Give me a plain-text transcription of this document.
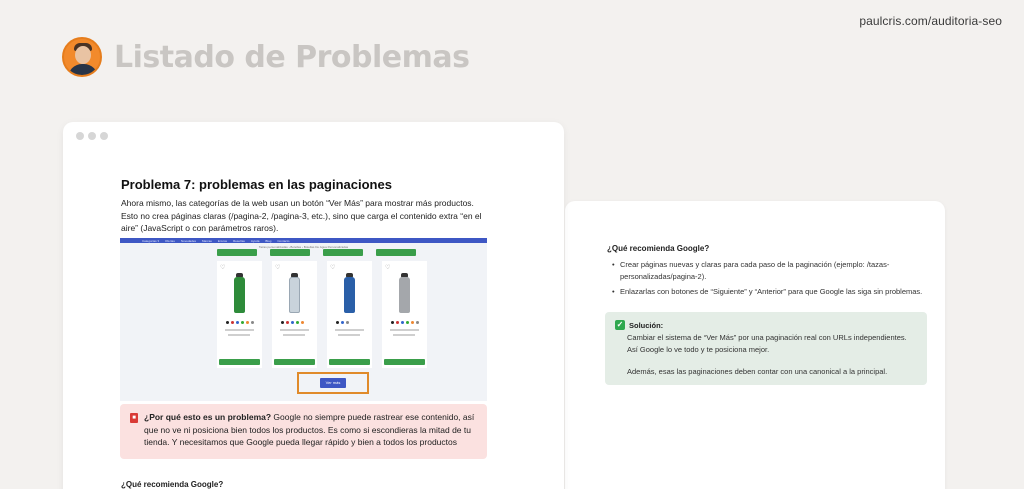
paulcris.com/auditoria-seo
Listado de Problemas
¿Qué recomienda Google?
• Crear páginas nuevas y claras para cada paso de la paginación (ejemplo: /tazas-personalizadas/pagina-2).
• Enlazarlas con botones de “Siguiente” y “Anterior” para que Google las siga sin problemas.
✓ Solución:
Cambiar el sistema de “Ver Más” por una paginación real con URLs independientes. Así Google lo ve todo y te posiciona mejor.
Además, esas las paginaciones deben contar con una canonical a la principal.
Problema 7: problemas en las paginaciones
Ahora mismo, las categorías de la web usan un botón “Ver Más” para mostrar más productos. Esto no crea páginas claras (/pagina-2, /pagina-3, etc.), sino que carga el contenido extra “en el aire” (JavaScript o con parámetros raros).
Categorías ▾ Ofertas Novedades Marcas Envíos Reseñas Ayuda Blog Contacto
Tazas personalizadas › Botellas › Botellas De Agua Personalizadas
♡	♡	♡	♡
Ver más
■ ¿Por qué esto es un problema? Google no siempre puede rastrear ese contenido, así que no ve ni posiciona bien todos los productos. Es como si escondieras la mitad de tu tienda. Y necesitamos que Google pueda llegar rápido y bien a todos los productos
¿Qué recomienda Google?
